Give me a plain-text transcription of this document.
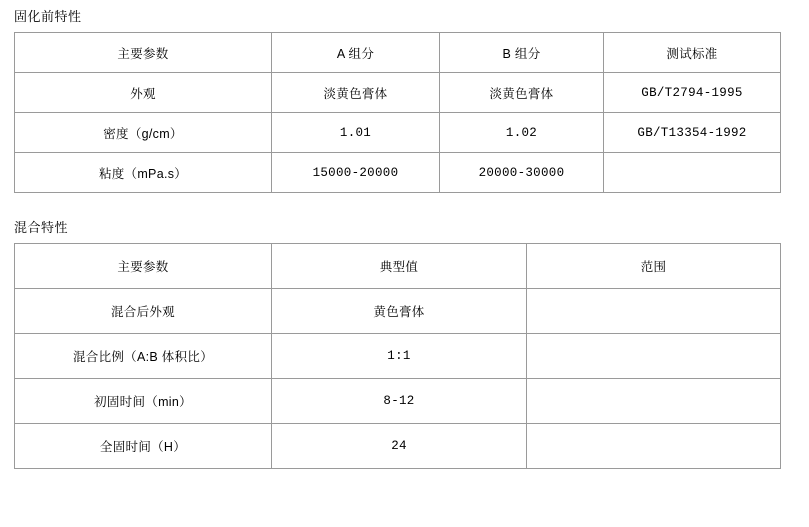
固化前特性
主要参数	A 组分	B 组分	测试标准
外观	淡黄色膏体	淡黄色膏体	GB/T2794-1995
密度（g/cm）	1.01	1.02	GB/T13354-1992
粘度（mPa.s）	15000-20000	20000-30000	
混合特性
主要参数	典型值	范围
混合后外观	黄色膏体	
混合比例（A:B 体积比）	1:1	
初固时间（min）	8-12	
全固时间（H）	24	
